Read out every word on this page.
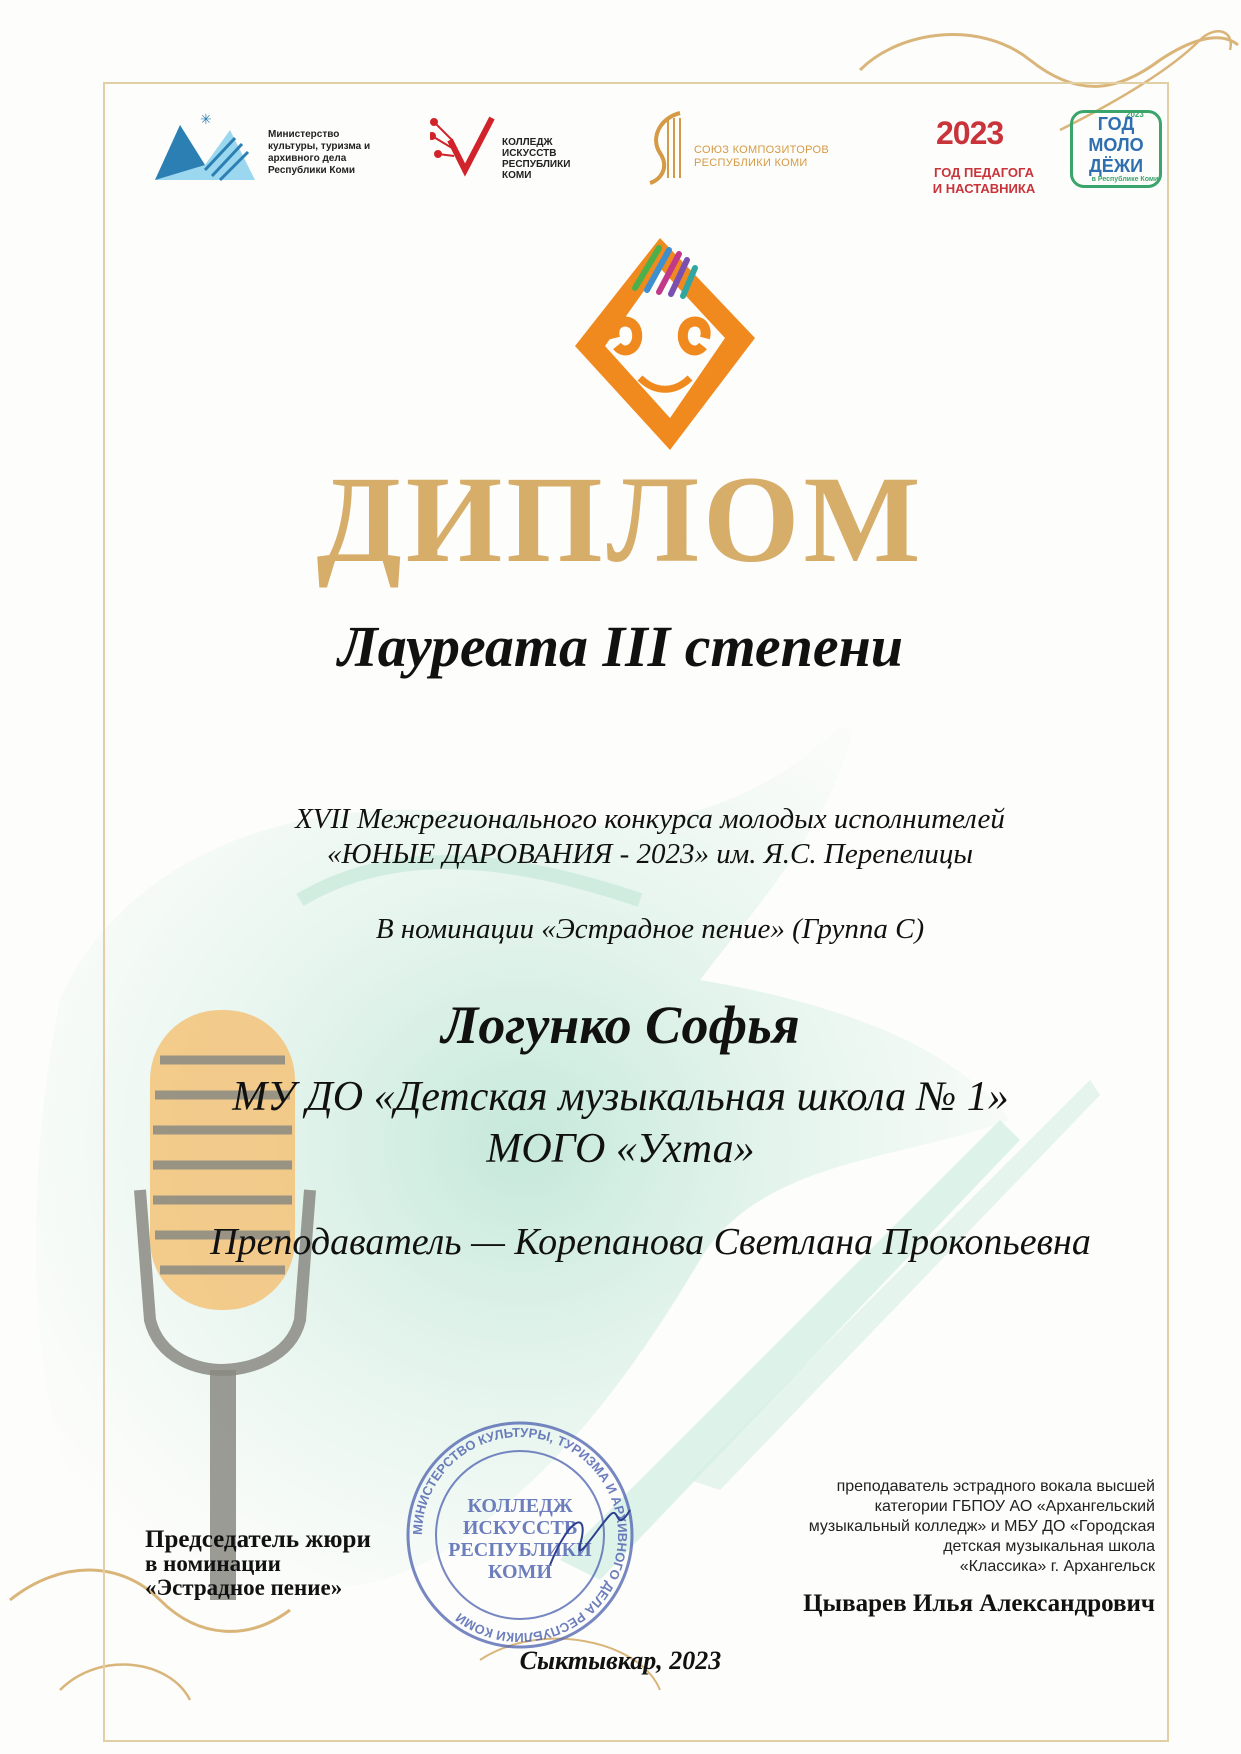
✳
Министерство культуры, туризма и архивного дела Республики Коми
КОЛЛЕДЖ ИСКУССТВ РЕСПУБЛИКИ КОМИ
СОЮЗ КОМПОЗИТОРОВ РЕСПУБЛИКИ КОМИ
2023
ГОД ПЕДАГОГА И НАСТАВНИКА
ГОД МОЛО ДЁЖИ
2023
в Республике Коми
ДИПЛОМ
Лауреата III степени
XVII Межрегионального конкурса молодых исполнителей
«ЮНЫЕ ДАРОВАНИЯ - 2023» им. Я.С. Перепелицы
В номинации «Эстрадное пение» (Группа С)
Логунко Софья
МУ ДО «Детская музыкальная школа № 1»
МОГО «Ухта»
Преподаватель — Корепанова Светлана Прокопьевна
МИНИСТЕРСТВО КУЛЬТУРЫ, ТУРИЗМА И АРХИВНОГО ДЕЛА РЕСПУБЛИКИ КОМИ
КОЛЛЕДЖ ИСКУССТВ РЕСПУБЛИКИ КОМИ
Председатель жюри
в номинации
«Эстрадное пение»
преподаватель эстрадного вокала высшей
категории ГБПОУ АО «Архангельский
музыкальный колледж» и МБУ ДО «Городская
детская музыкальная школа
«Классика» г. Архангельск
Цыварев Илья Александрович
Сыктывкар, 2023
